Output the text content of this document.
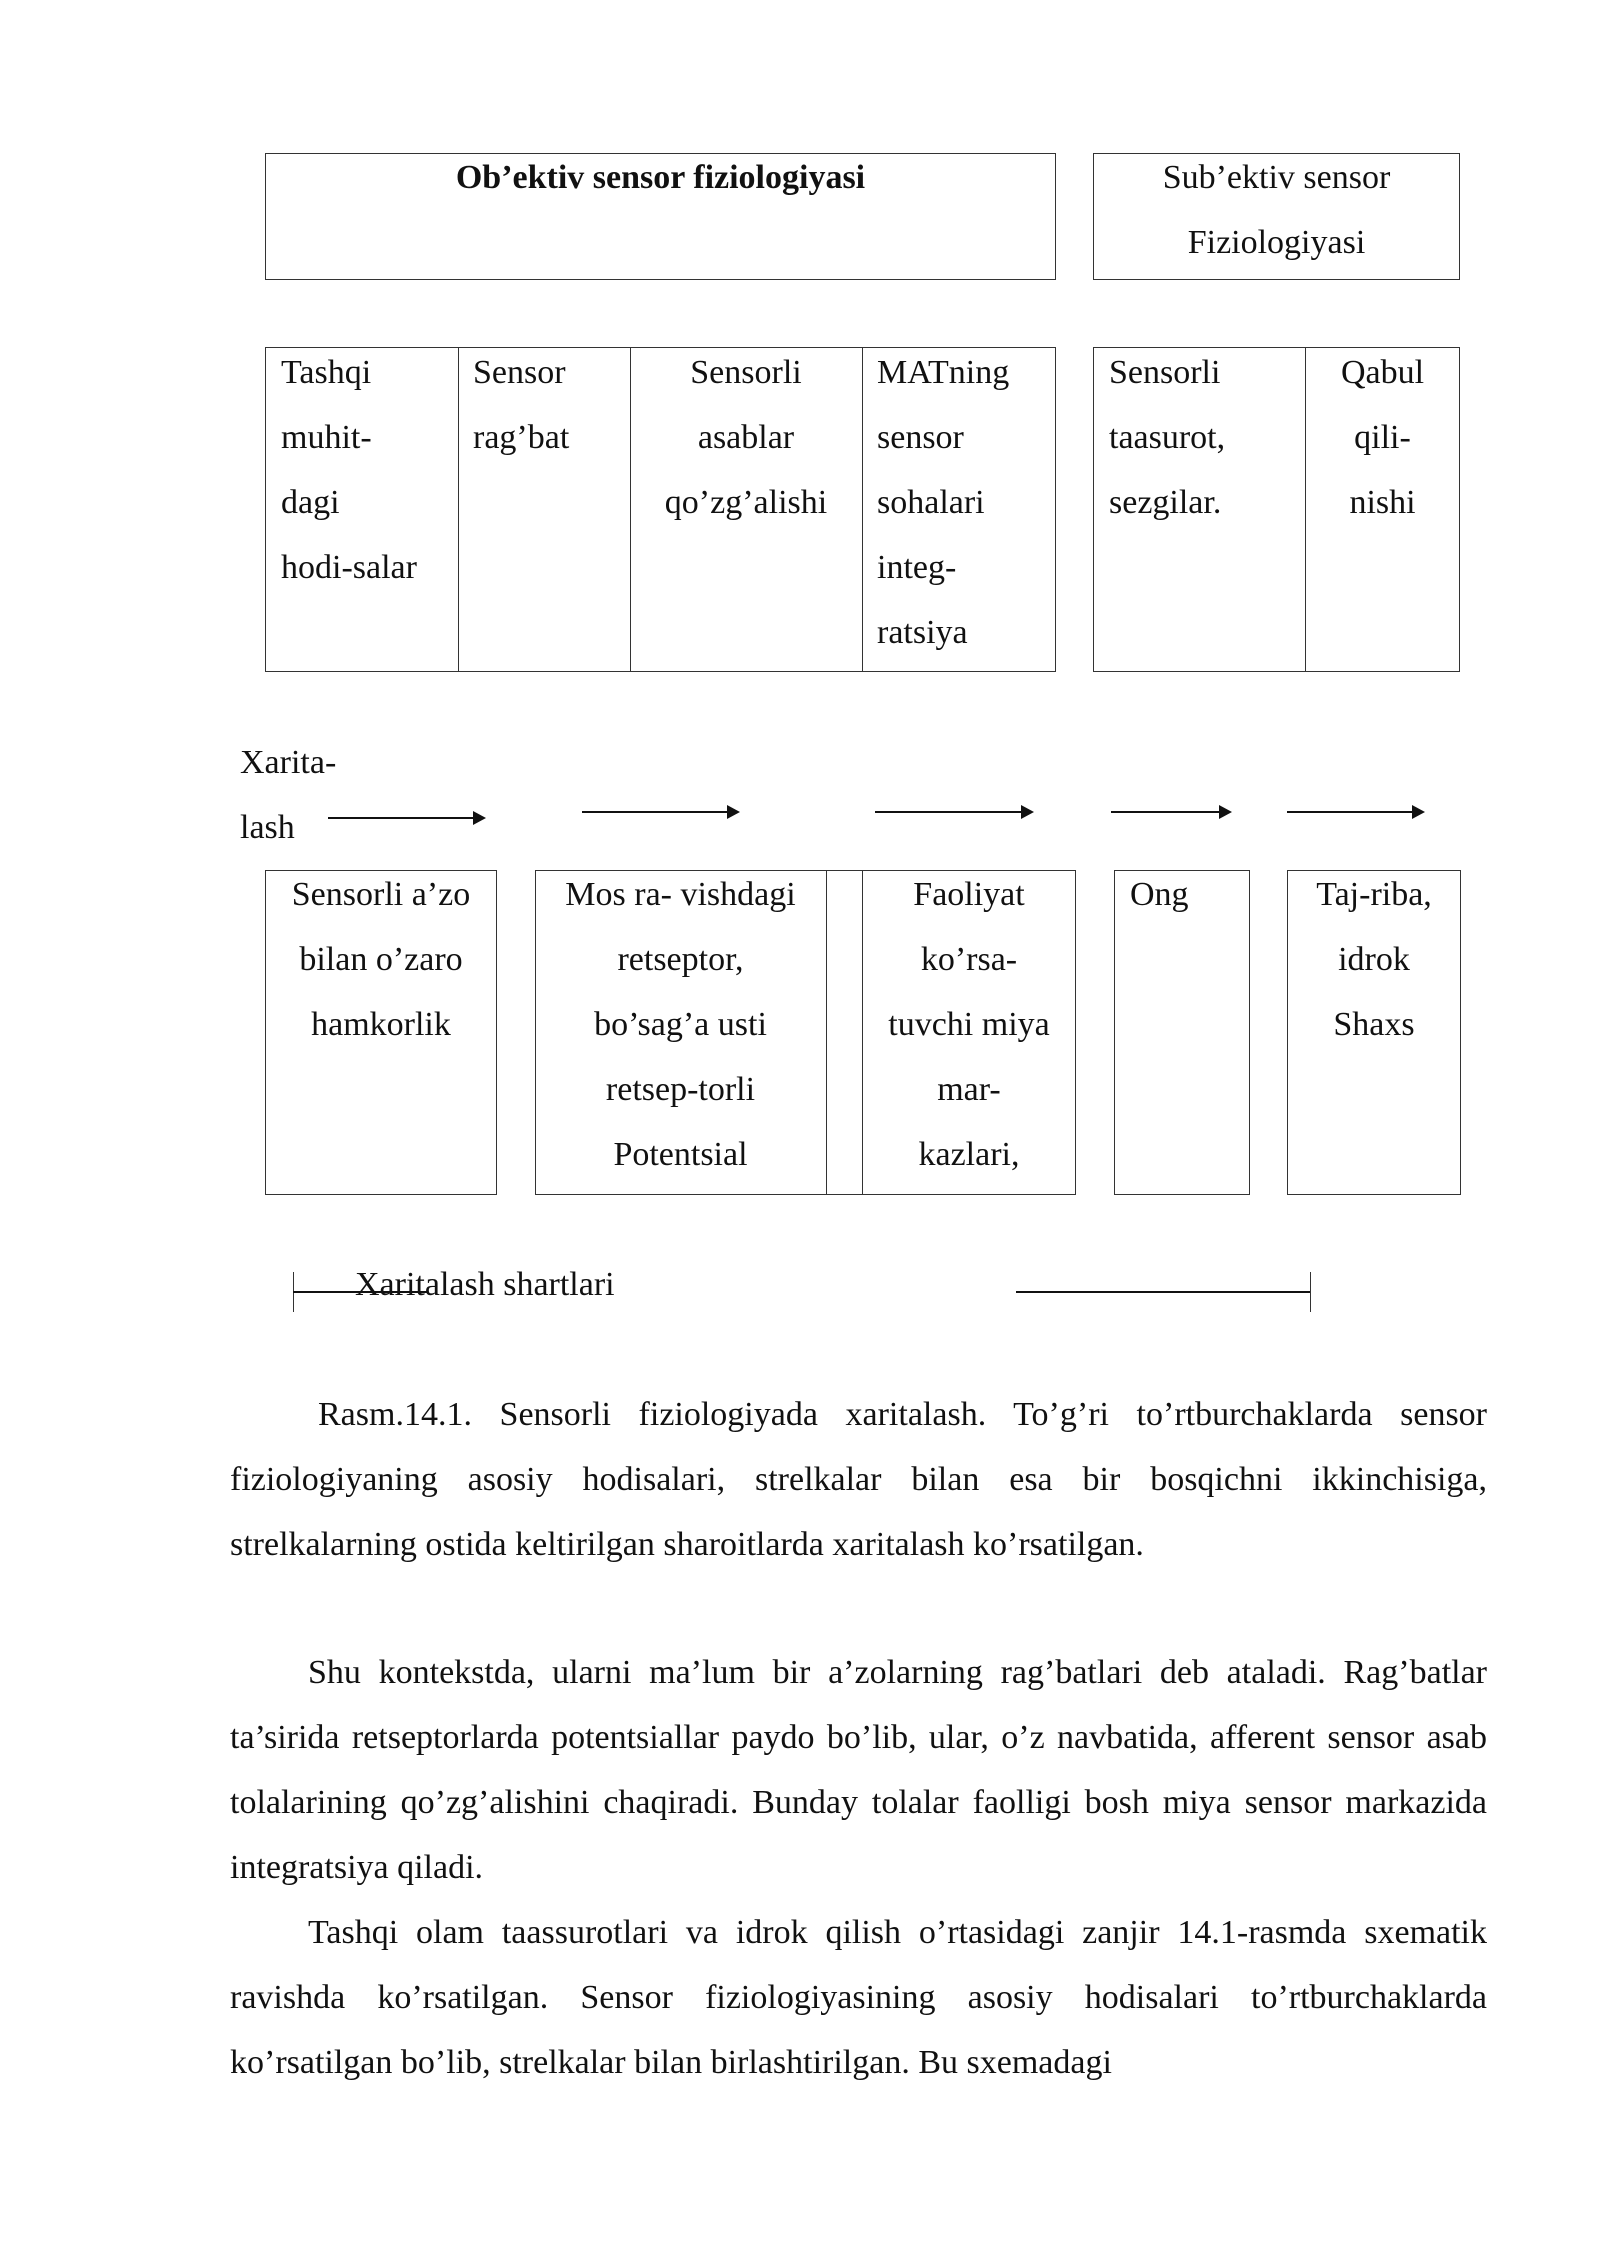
Ob’ektiv sensor fiziologiyasi	Sub’ektiv sensor
Fiziologiyasi
Tashqi
muhit-
dagi
hodi-salar
Sensor
rag’bat
Sensorli
asablar
qo’zg’alishi
MATning
sensor
sohalari
integ-
ratsiya
Sensorli
taasurot,
sezgilar.
Qabul
qili-
nishi
Xarita-
lash
Sensorli a’zo
bilan o’zaro
hamkorlik
Mos ra- vishdagi
retseptor,
bo’sag’a usti
retsep-torli
Potentsial
Faoliyat
ko’rsa-
tuvchi miya
mar-
kazlari,
Ong	Taj-riba,
idrok
Shaxs
Xaritalash shartlari

Rasm.14.1. Sensorli fiziologiyada xaritalash. To’g’ri to’rtburchaklarda sensor fiziologiyaning asosiy hodisalari, strelkalar bilan esa bir bosqichni ikkinchisiga, strelkalarning ostida keltirilgan sharoitlarda xaritalash ko’rsatilgan.

Shu kontekstda, ularni ma’lum bir a’zolarning rag’batlari deb ataladi. Rag’batlar ta’sirida retseptorlarda potentsiallar paydo bo’lib, ular, o’z navbatida, afferent sensor asab tolalarining qo’zg’alishini chaqiradi. Bunday tolalar faolligi bosh miya sensor markazida integratsiya qiladi.

Tashqi olam taassurotlari va idrok qilish o’rtasidagi zanjir 14.1-rasmda sxematik ravishda ko’rsatilgan. Sensor fiziologiyasining asosiy hodisalari to’rtburchaklarda ko’rsatilgan bo’lib, strelkalar bilan birlashtirilgan. Bu sxemadagi
